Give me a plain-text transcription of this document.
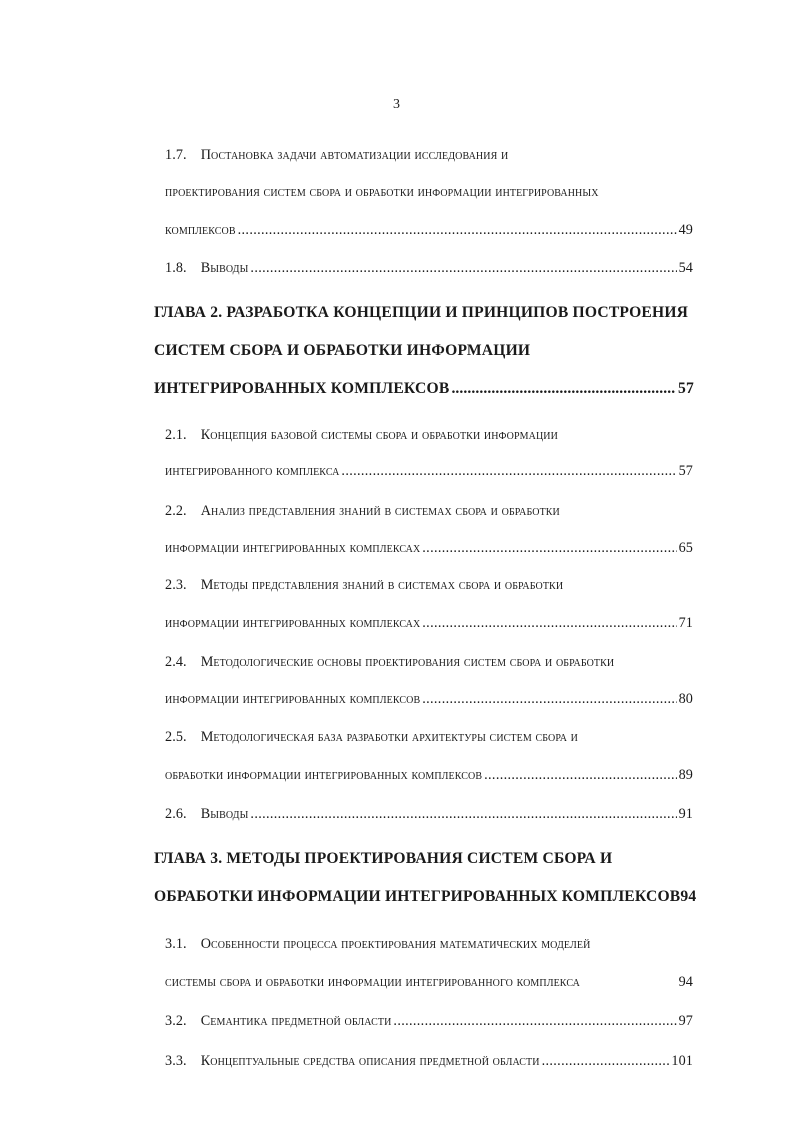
3
1.7. Постановка задачи автоматизации исследования и
проектирования систем сбора и обработки информации интегрированных
комплексов . . .	49
1.8. Выводы . . .	54
ГЛАВА 2. РАЗРАБОТКА КОНЦЕПЦИИ И ПРИНЦИПОВ ПОСТРОЕНИЯ
СИСТЕМ СБОРА И ОБРАБОТКИ ИНФОРМАЦИИ
ИНТЕГРИРОВАННЫХ КОМПЛЕКСОВ . . .	57
2.1. Концепция базовой системы сбора и обработки информации
интегрированного комплекса . . .	57
2.2. Анализ представления знаний в системах сбора и обработки
информации интегрированных комплексах . . .	65
2.3. Методы представления знаний в системах сбора и обработки
информации интегрированных комплексах . . .	71
2.4. Методологические основы проектирования систем сбора и обработки
информации интегрированных комплексов . . .	80
2.5. Методологическая база разработки архитектуры систем сбора и
обработки информации интегрированных комплексов . . .	89
2.6. Выводы . . .	91
ГЛАВА 3. МЕТОДЫ ПРОЕКТИРОВАНИЯ СИСТЕМ СБОРА И
ОБРАБОТКИ ИНФОРМАЦИИ ИНТЕГРИРОВАННЫХ КОМПЛЕКСОВ 94
3.1. Особенности процесса проектирования математических моделей
системы сбора и обработки информации интегрированного комплекса	94
3.2. Семантика предметной области . . .	97
3.3. Концептуальные средства описания предметной области . . .	101
